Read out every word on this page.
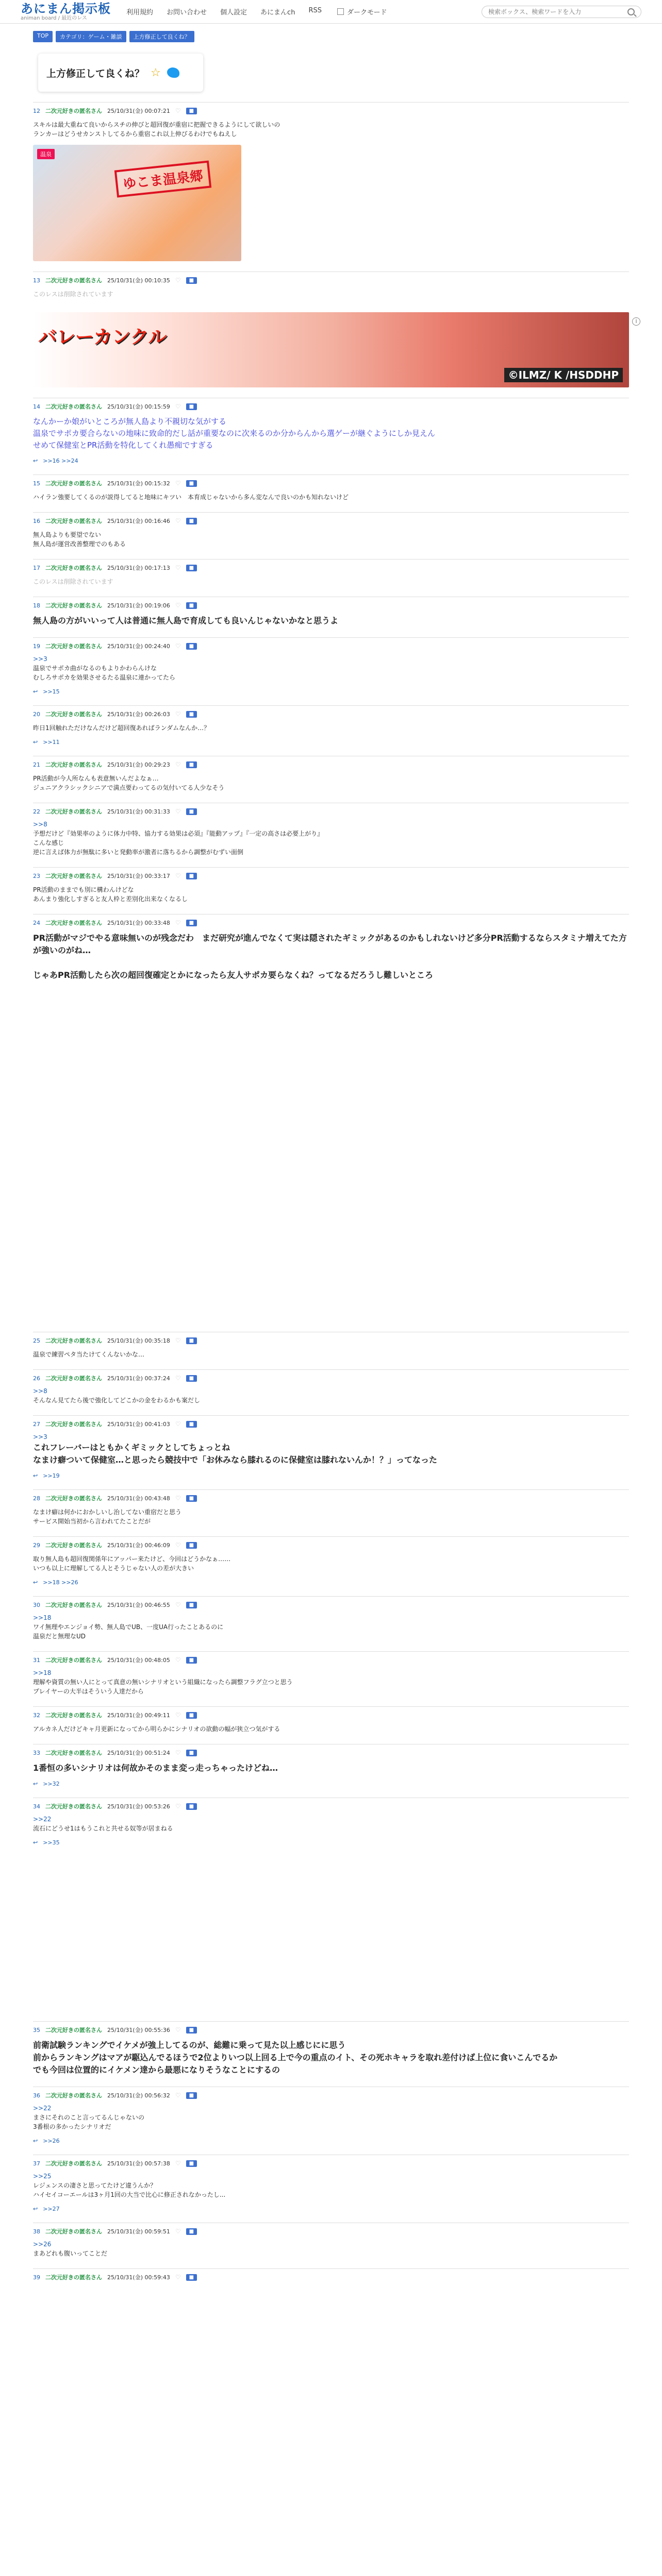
あにまん掲示板
animan board / 最近のレス
利用規約 お問い合わせ 個人設定 あにまんch RSS	ダークモード
検索ボックス、検索ワードを入力
TOP	カテゴリ：ゲーム・雑談	上方修正して良くね？
上方修正して良くね？ ☆
12 二次元好きの匿名さん 25/10/31(金) 00:07:21 ♡	■
スキルは最大重ねて良いからスチの伸びと超回復が重宿に把握できるようにして欲しいの
ランカーはどうせカンストしてるから重宿これ以上伸びるわけでもねえし
温泉
ゆこま温泉郷
13 二次元好きの匿名さん 25/10/31(金) 00:10:35 ♡	■
このレスは削除されています
バレーカンクル
©ILMZ/ K /HSDDHP
i
14 二次元好きの匿名さん 25/10/31(金) 00:15:59 ♡	■
なんかーか娘がいところが無人島より不親切な気がする
温泉でサポカ要合らないの地味に致命的だし話が重要なのに次来るのか分からんから選ゲーが継ぐようにしか見えん
せめて保健室とPR活動を特化してくれ愚痴ですぎる
↩ >>16 >>24
15 二次元好きの匿名さん 25/10/31(金) 00:15:32 ♡	■
ハイラン強要してくるのが説得してると地味にキツい　本育成じゃないから多ん変なんで良いのかも知れないけど
16 二次元好きの匿名さん 25/10/31(金) 00:16:46 ♡	■
無人島よりも要望でない
無人島が運営改善整理でのもある
17 二次元好きの匿名さん 25/10/31(金) 00:17:13 ♡	■
このレスは削除されています
18 二次元好きの匿名さん 25/10/31(金) 00:19:06 ♡	■
無人島の方がいいって人は普通に無人島で育成しても良いんじゃないかなと思うよ
19 二次元好きの匿名さん 25/10/31(金) 00:24:40 ♡	■
>>3
温泉でサポカ曲がなるのもよりかわらんけな
むしろサポカを効果させるたる温泉に連かってたら
↩ >>15
20 二次元好きの匿名さん 25/10/31(金) 00:26:03 ♡	■
昨日1回触れただけなんだけど超回復あればランダムなんか…？
↩ >>11
21 二次元好きの匿名さん 25/10/31(金) 00:29:23 ♡	■
PR活動が今人所なんも表意無いんだよなぁ…
ジュニアクラシックシニアで満点要わってるの気付いてる人少なそう
22 二次元好きの匿名さん 25/10/31(金) 00:31:33 ♡	■
>>8
予想だけど『効果率のように体力中特、協力する効果は必須』『能動アップ』『一定の高さは必要上がり』
こんな感じ
逆に言えば体力が無駄に多いと発動率が激者に落ちるから調整がむずい面倒
23 二次元好きの匿名さん 25/10/31(金) 00:33:17 ♡	■
PR活動のままでも別に構わんけどな
あんまり強化しすぎると友人枠と差別化出来なくなるし
24 二次元好きの匿名さん 25/10/31(金) 00:33:48 ♡	■
PR活動がマジでやる意味無いのが残念だわ　まだ研究が進んでなくて実は隠されたギミックがあるのかもしれないけど多分PR活動するならスタミナ増えてた方が強いのがね…

じゃあPR活動したら次の超回復確定とかになったら友人サポカ要らなくね？ってなるだろうし難しいところ
25 二次元好きの匿名さん 25/10/31(金) 00:35:18 ♡	■
温泉で練習ペタ当たけてくんないかな…
26 二次元好きの匿名さん 25/10/31(金) 00:37:24 ♡	■
>>8
そんなん見てたら後で強化してどこかの金をわるかも案だし
27 二次元好きの匿名さん 25/10/31(金) 00:41:03 ♡	■
>>3
これフレーバーはともかくギミックとしてちょっとね
なまけ癖ついて保健室…と思ったら競技中で「お休みなら膝れるのに保健室は膝れないんか！？」ってなった
↩ >>19
28 二次元好きの匿名さん 25/10/31(金) 00:43:48 ♡	■
なまけ癖は何かにおかしいし治してない重宿だと思う
サービス開始当初から言われてたことだが
29 二次元好きの匿名さん 25/10/31(金) 00:46:09 ♡	■
取り無人島も超回復関係年にアッパー来たけど、今回はどうかなぁ……
いつも以上に理解してる人とそうじゃない人の差が大きい
↩ >>18 >>26
30 二次元好きの匿名さん 25/10/31(金) 00:46:55 ♡	■
>>18
ワイ無理やエンジョイ勢、無人島でUB、一度UA行ったことあるのに
温泉だと無理なUD
31 二次元好きの匿名さん 25/10/31(金) 00:48:05 ♡	■
>>18
理解や資質の無い人にとって真意の無いシナリオという組織になったら調整フラグ立つと思う
プレイヤーの大半はそういう人達だから
32 二次元好きの匿名さん 25/10/31(金) 00:49:11 ♡	■
アルカネ人だけどキャ月更新になってから明らかにシナリオの欲動の幅が狭立つ気がする
33 二次元好きの匿名さん 25/10/31(金) 00:51:24 ♡	■
1番恒の多いシナリオは何故かそのまま変っ走っちゃったけどね…
↩ >>32
34 二次元好きの匿名さん 25/10/31(金) 00:53:26 ♡	■
>>22
流石にどうせ1はもうこれと共せる奴等が居まねる
↩ >>35
35 二次元好きの匿名さん 25/10/31(金) 00:55:36 ♡	■
前衛試験ランキングでイケメが強上してるのが、総難に乗って見た以上感じにに思う
前からランキングはマアが駆込んでるほうで2位よりいつ以上回る上で今の重点のイト、その死ホキャラを取れ差付けば上位に食いこんでるか
でも今回は位置的にイケメン達から最悪になりそうなことにするの
36 二次元好きの匿名さん 25/10/31(金) 00:56:32 ♡	■
>>22
まさにそれのこと言ってるんじゃないの
3番根の多かったシナリオだ
↩ >>26
37 二次元好きの匿名さん 25/10/31(金) 00:57:38 ♡	■
>>25
レジェンスの凄さと思ってたけど違うんか？
ハイセイコーエールは3ヶ月1回の大当で比心に修正されなかったし...
↩ >>27
38 二次元好きの匿名さん 25/10/31(金) 00:59:51 ♡	■
>>26
まあどれも腹いってことだ
39 二次元好きの匿名さん 25/10/31(金) 00:59:43 ♡	■
